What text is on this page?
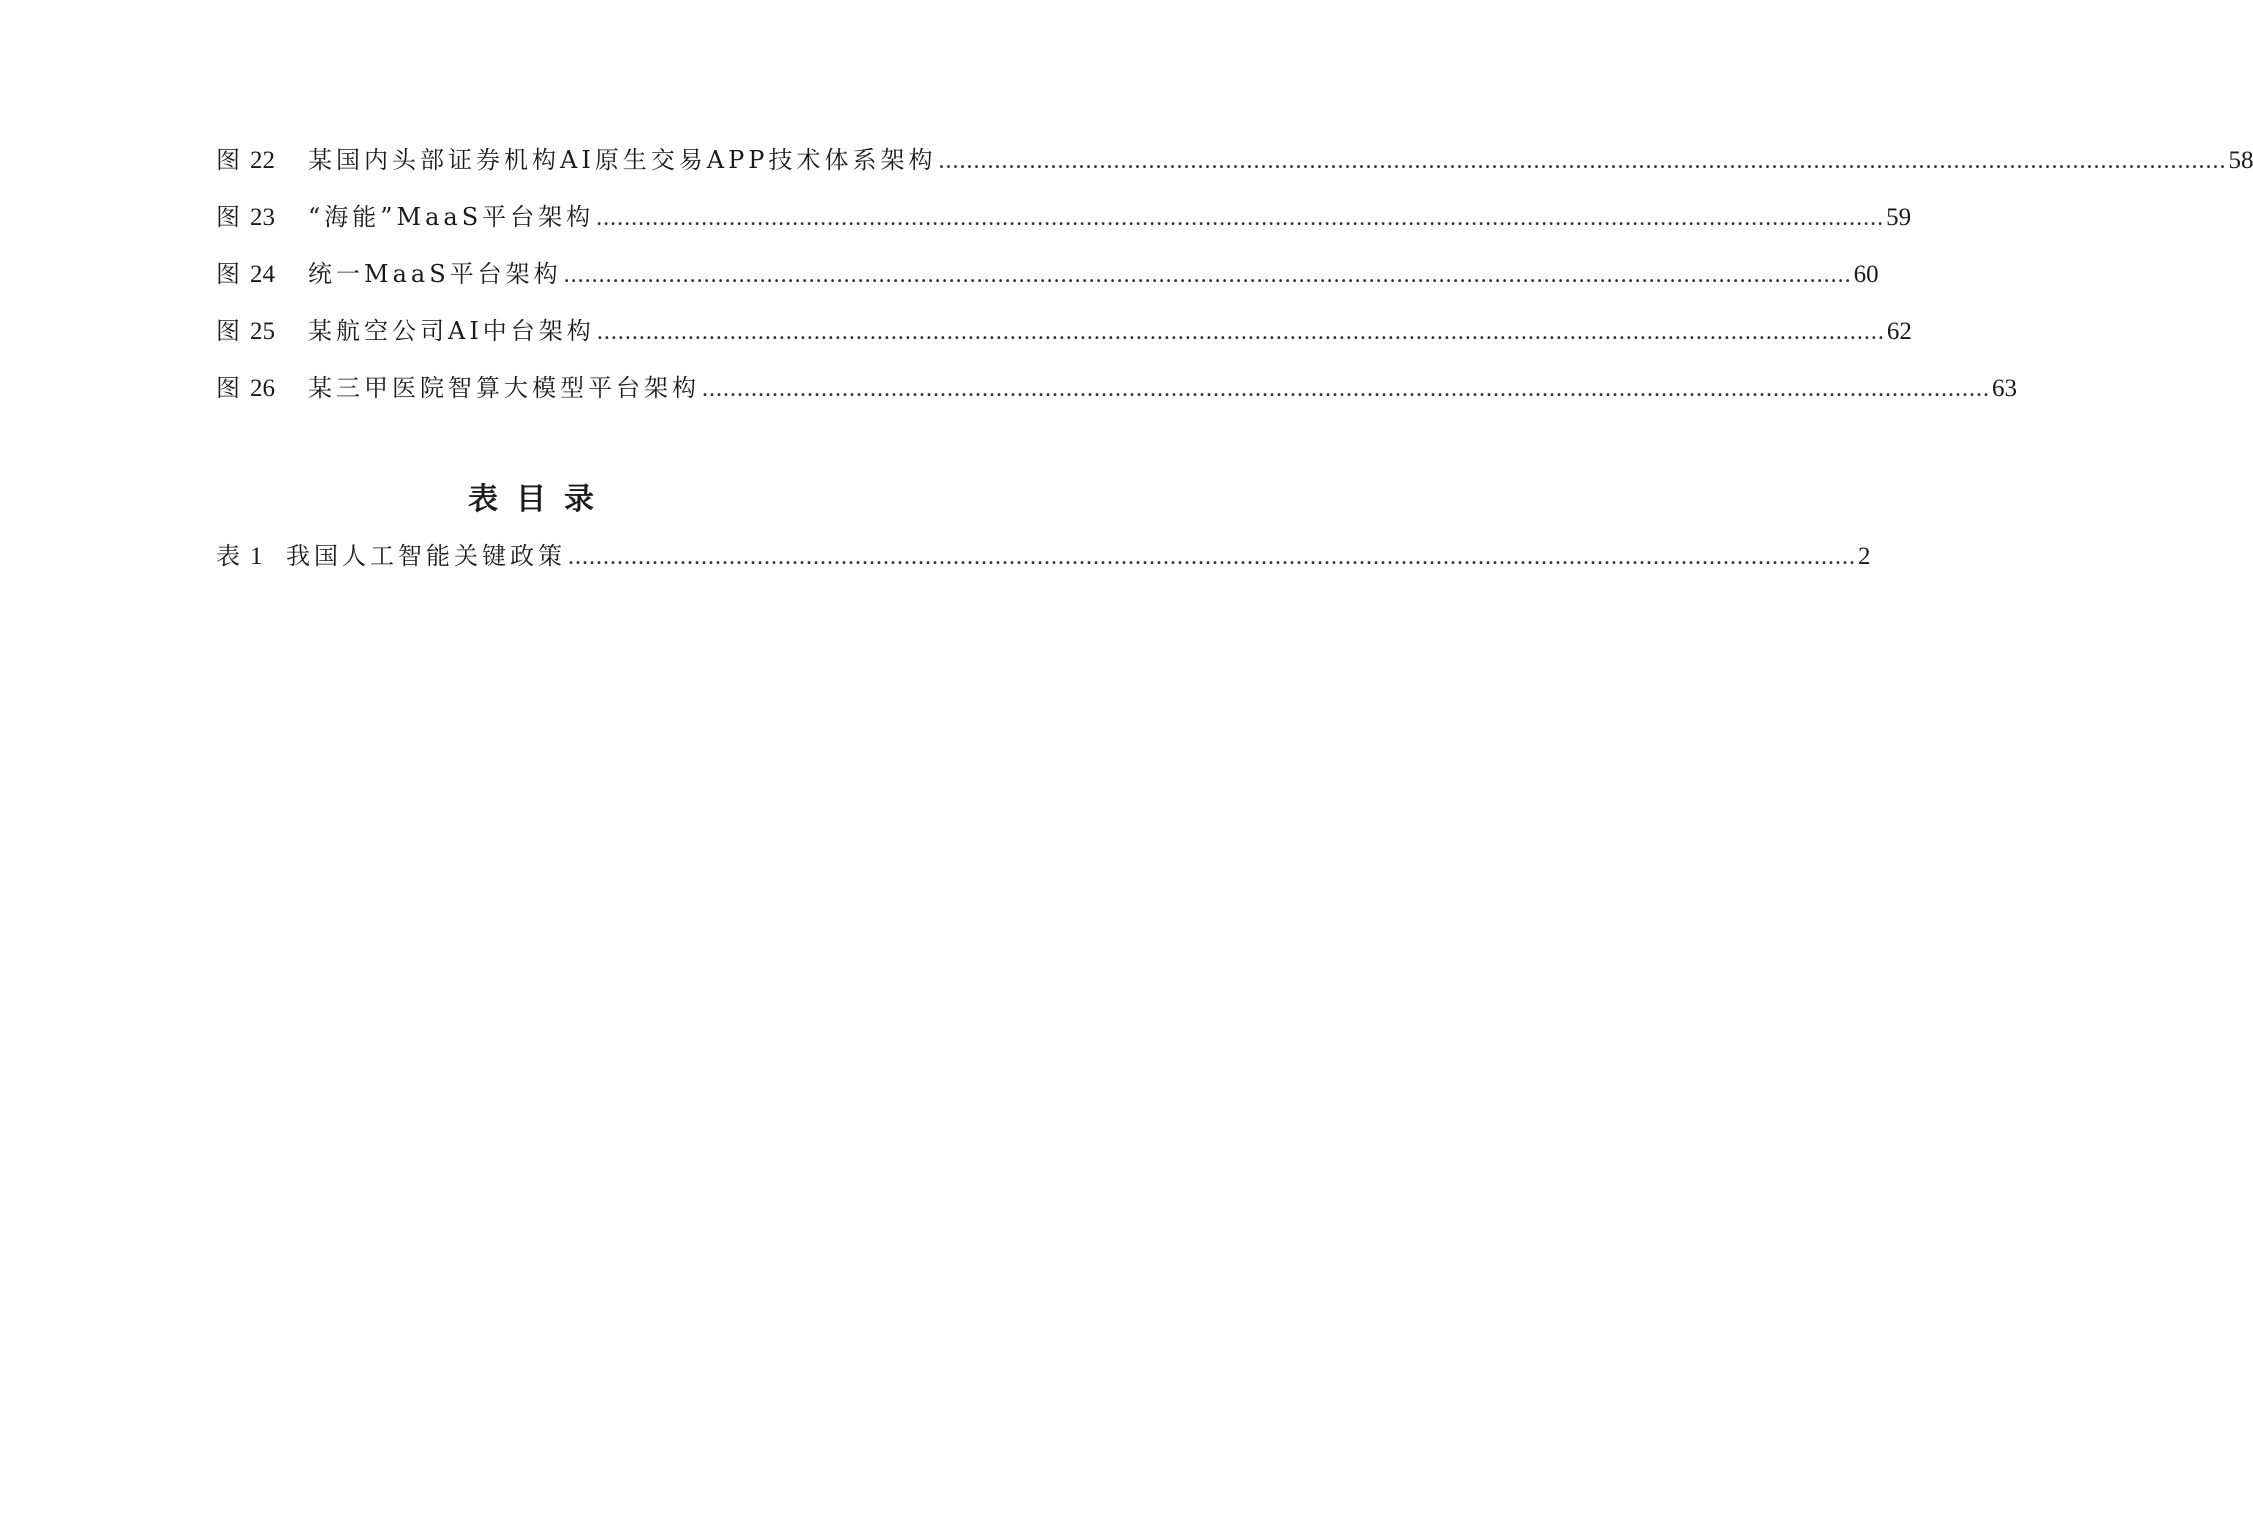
图 22	某国内头部证券机构AI原生交易APP技术体系架构 .....	58
图 23	“海能”MaaS平台架构 .....	59
图 24	统一MaaS平台架构 .....	60
图 25	某航空公司AI中台架构 .....	62
图 26	某三甲医院智算大模型平台架构 .....	63
表目录
表 1 我国人工智能关键政策 .....	2
